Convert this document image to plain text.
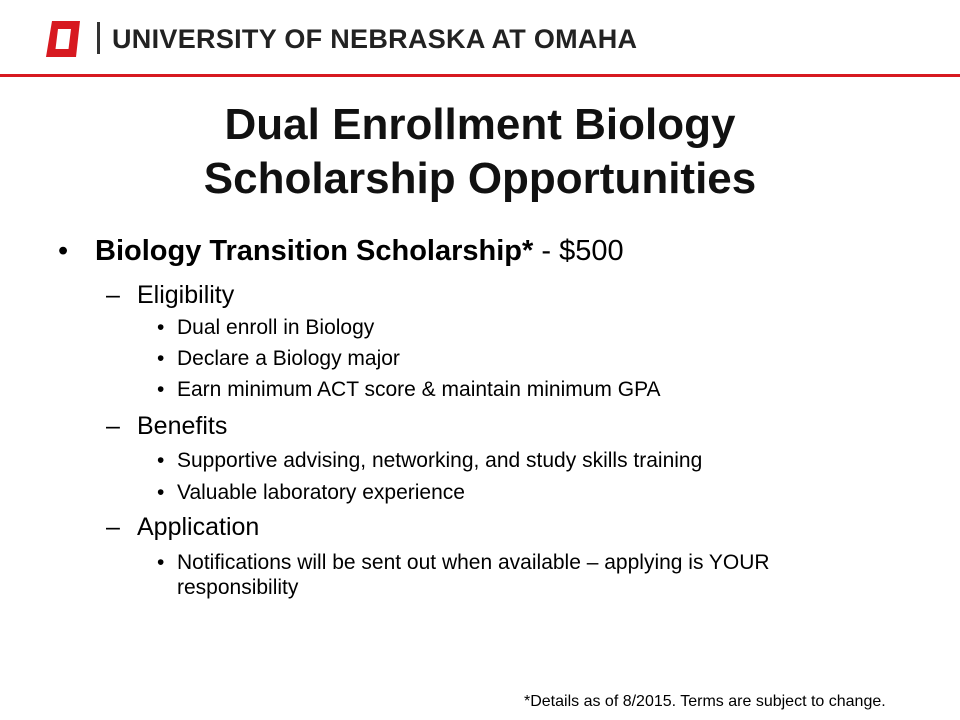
UNIVERSITY OF NEBRASKA AT OMAHA
Dual Enrollment Biology
Scholarship Opportunities
• Biology Transition Scholarship* - $500
– Eligibility
• Dual enroll in Biology
• Declare a Biology major
• Earn minimum ACT score & maintain minimum GPA
– Benefits
• Supportive advising, networking, and study skills training
• Valuable laboratory experience
– Application
• Notifications will be sent out when available – applying is YOUR responsibility
*Details as of 8/2015. Terms are subject to change.
